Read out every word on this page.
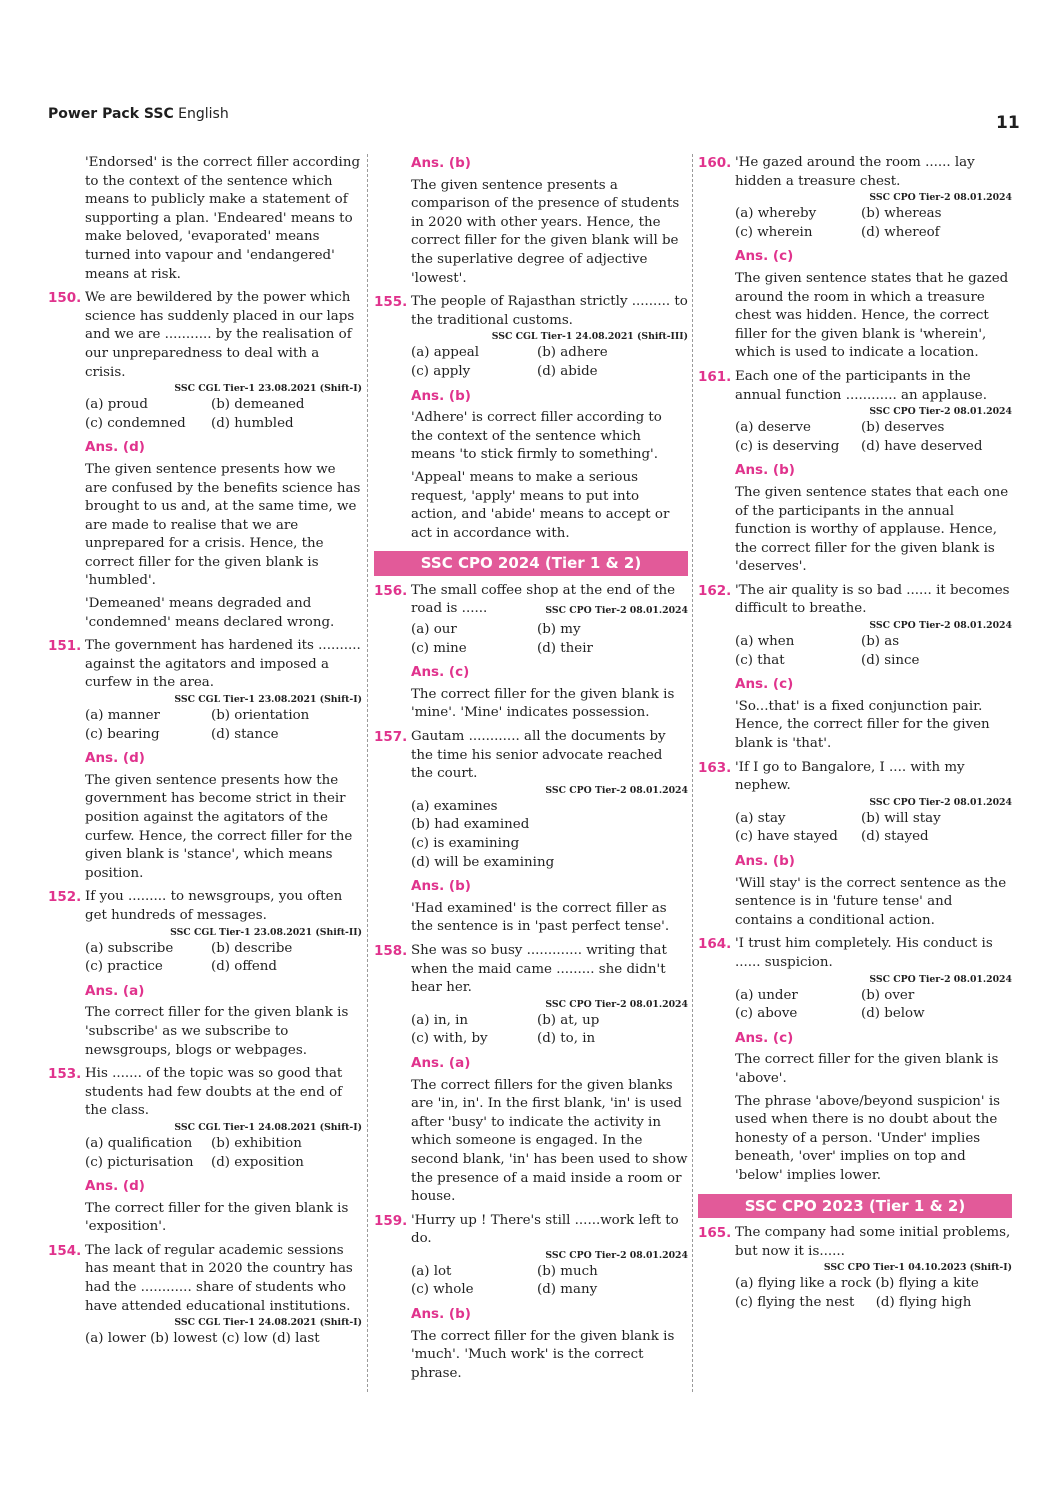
Power Pack SSC English	11

'Endorsed' is the correct filler according to the context of the sentence which means to publicly make a statement of supporting a plan. 'Endeared' means to make beloved, 'evaporated' means turned into vapour and 'endangered' means at risk.

150. We are bewildered by the power which science has suddenly placed in our laps and we are ........... by the realisation of our unpreparedness to deal with a crisis.
SSC CGL Tier-1 23.08.2021 (Shift-I)
(a) proud	(b) demeaned
(c) condemned	(d) humbled
Ans. (d)

The given sentence presents how we are confused by the benefits science has brought to us and, at the same time, we are made to realise that we are unprepared for a crisis. Hence, the correct filler for the given blank is 'humbled'.

'Demeaned' means degraded and 'condemned' means declared wrong.

151. The government has hardened its .......... against the agitators and imposed a curfew in the area.
SSC CGL Tier-1 23.08.2021 (Shift-I)
(a) manner	(b) orientation
(c) bearing	(d) stance
Ans. (d)

The given sentence presents how the government has become strict in their position against the agitators of the curfew. Hence, the correct filler for the given blank is 'stance', which means position.

152. If you ......... to newsgroups, you often get hundreds of messages.
SSC CGL Tier-1 23.08.2021 (Shift-II)
(a) subscribe	(b) describe
(c) practice	(d) offend
Ans. (a)

The correct filler for the given blank is 'subscribe' as we subscribe to newsgroups, blogs or webpages.

153. His ....... of the topic was so good that students had few doubts at the end of the class.
SSC CGL Tier-1 24.08.2021 (Shift-I)
(a) qualification	(b) exhibition
(c) picturisation	(d) exposition
Ans. (d)

The correct filler for the given blank is 'exposition'.

154. The lack of regular academic sessions has meant that in 2020 the country has had the ............ share of students who have attended educational institutions.
SSC CGL Tier-1 24.08.2021 (Shift-I)
(a) lower (b) lowest (c) low (d) last
Ans. (b)

The given sentence presents a comparison of the presence of students in 2020 with other years. Hence, the correct filler for the given blank will be the superlative degree of adjective 'lowest'.

155. The people of Rajasthan strictly ......... to the traditional customs.
SSC CGL Tier-1 24.08.2021 (Shift-III)
(a) appeal	(b) adhere
(c) apply	(d) abide
Ans. (b)

'Adhere' is correct filler according to the context of the sentence which means 'to stick firmly to something'.

'Appeal' means to make a serious request, 'apply' means to put into action, and 'abide' means to accept or act in accordance with.

SSC CPO 2024 (Tier 1 & 2)
156. The small coffee shop at the end of the road is ......	SSC CPO Tier-2 08.01.2024
(a) our	(b) my
(c) mine	(d) their
Ans. (c)

The correct filler for the given blank is 'mine'. 'Mine' indicates possession.

157. Gautam ............ all the documents by the time his senior advocate reached the court.
SSC CPO Tier-2 08.01.2024
(a) examines
(b) had examined
(c) is examining
(d) will be examining
Ans. (b)

'Had examined' is the correct filler as the sentence is in 'past perfect tense'.

158. She was so busy ............. writing that when the maid came ......... she didn't hear her.
SSC CPO Tier-2 08.01.2024
(a) in, in	(b) at, up
(c) with, by	(d) to, in
Ans. (a)

The correct fillers for the given blanks are 'in, in'. In the first blank, 'in' is used after 'busy' to indicate the activity in which someone is engaged. In the second blank, 'in' has been used to show the presence of a maid inside a room or house.

159. 'Hurry up ! There's still ......work left to do.
SSC CPO Tier-2 08.01.2024
(a) lot	(b) much
(c) whole	(d) many
Ans. (b)

The correct filler for the given blank is 'much'. 'Much work' is the correct phrase.

160. 'He gazed around the room ...... lay hidden a treasure chest.
SSC CPO Tier-2 08.01.2024
(a) whereby	(b) whereas
(c) wherein	(d) whereof
Ans. (c)

The given sentence states that he gazed around the room in which a treasure chest was hidden. Hence, the correct filler for the given blank is 'wherein', which is used to indicate a location.

161. Each one of the participants in the annual function ............ an applause.
SSC CPO Tier-2 08.01.2024
(a) deserve	(b) deserves
(c) is deserving	(d) have deserved
Ans. (b)

The given sentence states that each one of the participants in the annual function is worthy of applause. Hence, the correct filler for the given blank is 'deserves'.

162. 'The air quality is so bad ...... it becomes difficult to breathe.
SSC CPO Tier-2 08.01.2024
(a) when	(b) as
(c) that	(d) since
Ans. (c)

'So...that' is a fixed conjunction pair. Hence, the correct filler for the given blank is 'that'.

163. 'If I go to Bangalore, I .... with my nephew.
SSC CPO Tier-2 08.01.2024
(a) stay	(b) will stay
(c) have stayed	(d) stayed
Ans. (b)

'Will stay' is the correct sentence as the sentence is in 'future tense' and contains a conditional action.

164. 'I trust him completely. His conduct is ...... suspicion.
SSC CPO Tier-2 08.01.2024
(a) under	(b) over
(c) above	(d) below
Ans. (c)

The correct filler for the given blank is 'above'.

The phrase 'above/beyond suspicion' is used when there is no doubt about the honesty of a person. 'Under' implies beneath, 'over' implies on top and 'below' implies lower.

SSC CPO 2023 (Tier 1 & 2)
165. The company had some initial problems, but now it is......
SSC CPO Tier-1 04.10.2023 (Shift-I)
(a) flying like a rock (b) flying a kite
(c) flying the nest     (d) flying high
